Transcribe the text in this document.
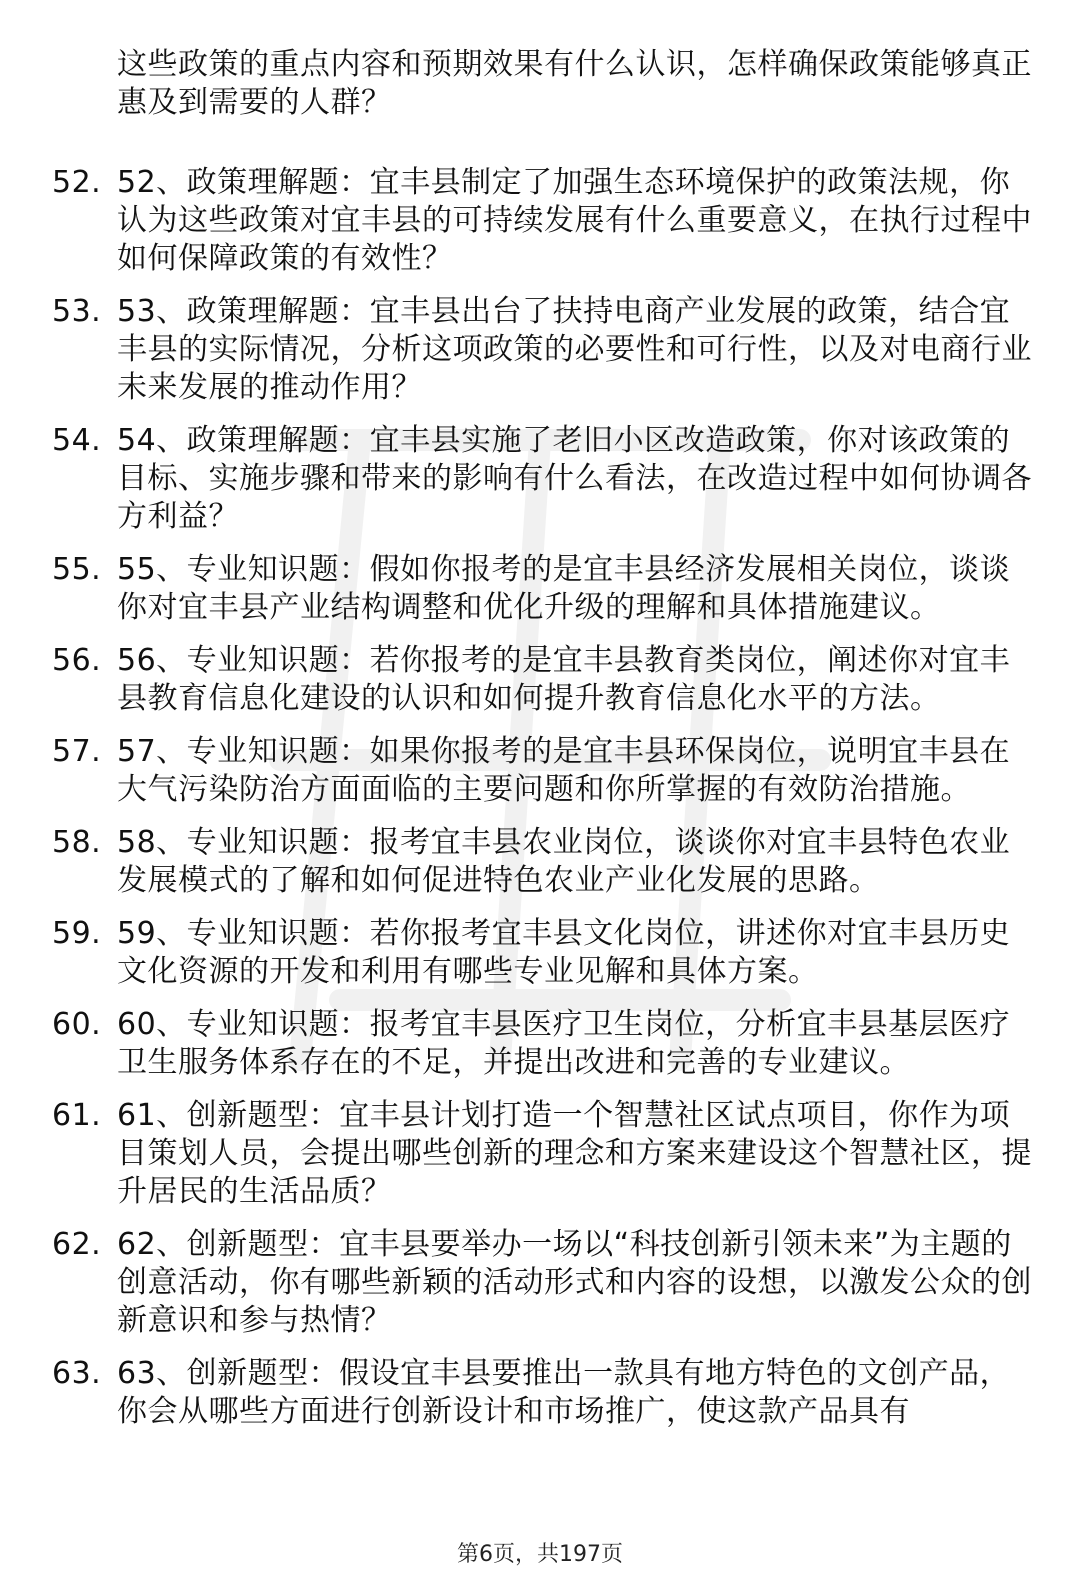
这些政策的重点内容和预期效果有什么认识，怎样确保政策能够真正惠及到需要的人群？
52. 52、政策理解题：宜丰县制定了加强生态环境保护的政策法规，你认为这些政策对宜丰县的可持续发展有什么重要意义，在执行过程中如何保障政策的有效性？
53. 53、政策理解题：宜丰县出台了扶持电商产业发展的政策，结合宜丰县的实际情况，分析这项政策的必要性和可行性，以及对电商行业未来发展的推动作用？
54. 54、政策理解题：宜丰县实施了老旧小区改造政策，你对该政策的目标、实施步骤和带来的影响有什么看法，在改造过程中如何协调各方利益？
55. 55、专业知识题：假如你报考的是宜丰县经济发展相关岗位，谈谈你对宜丰县产业结构调整和优化升级的理解和具体措施建议。
56. 56、专业知识题：若你报考的是宜丰县教育类岗位，阐述你对宜丰县教育信息化建设的认识和如何提升教育信息化水平的方法。
57. 57、专业知识题：如果你报考的是宜丰县环保岗位，说明宜丰县在大气污染防治方面面临的主要问题和你所掌握的有效防治措施。
58. 58、专业知识题：报考宜丰县农业岗位，谈谈你对宜丰县特色农业发展模式的了解和如何促进特色农业产业化发展的思路。
59. 59、专业知识题：若你报考宜丰县文化岗位，讲述你对宜丰县历史文化资源的开发和利用有哪些专业见解和具体方案。
60. 60、专业知识题：报考宜丰县医疗卫生岗位，分析宜丰县基层医疗卫生服务体系存在的不足，并提出改进和完善的专业建议。
61. 61、创新题型：宜丰县计划打造一个智慧社区试点项目，你作为项目策划人员，会提出哪些创新的理念和方案来建设这个智慧社区，提升居民的生活品质？
62. 62、创新题型：宜丰县要举办一场以“科技创新引领未来”为主题的创意活动，你有哪些新颖的活动形式和内容的设想，以激发公众的创新意识和参与热情？
63. 63、创新题型：假设宜丰县要推出一款具有地方特色的文创产品，你会从哪些方面进行创新设计和市场推广，使这款产品具有
第6页，共197页
